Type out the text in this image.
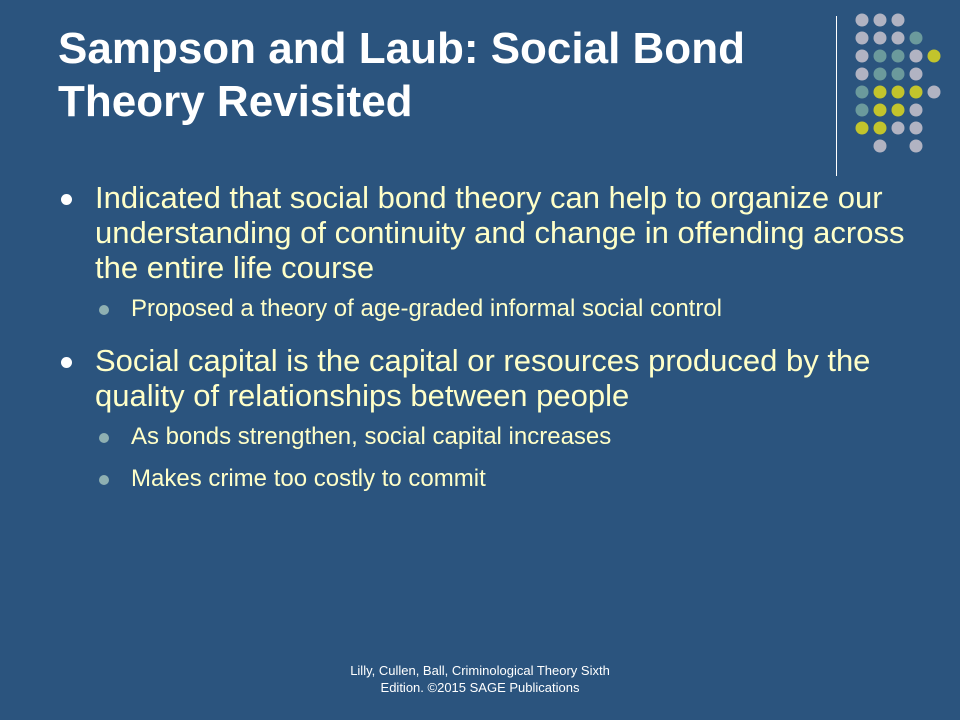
Sampson and Laub: Social Bond Theory Revisited
Indicated that social bond theory can help to organize our understanding of continuity and change in offending across the entire life course
Proposed a theory of age-graded informal social control
Social capital is the capital or resources produced by the quality of relationships between people
As bonds strengthen, social capital increases
Makes crime too costly to commit
Lilly, Cullen, Ball, Criminological Theory Sixth
Edition. ©2015 SAGE Publications
